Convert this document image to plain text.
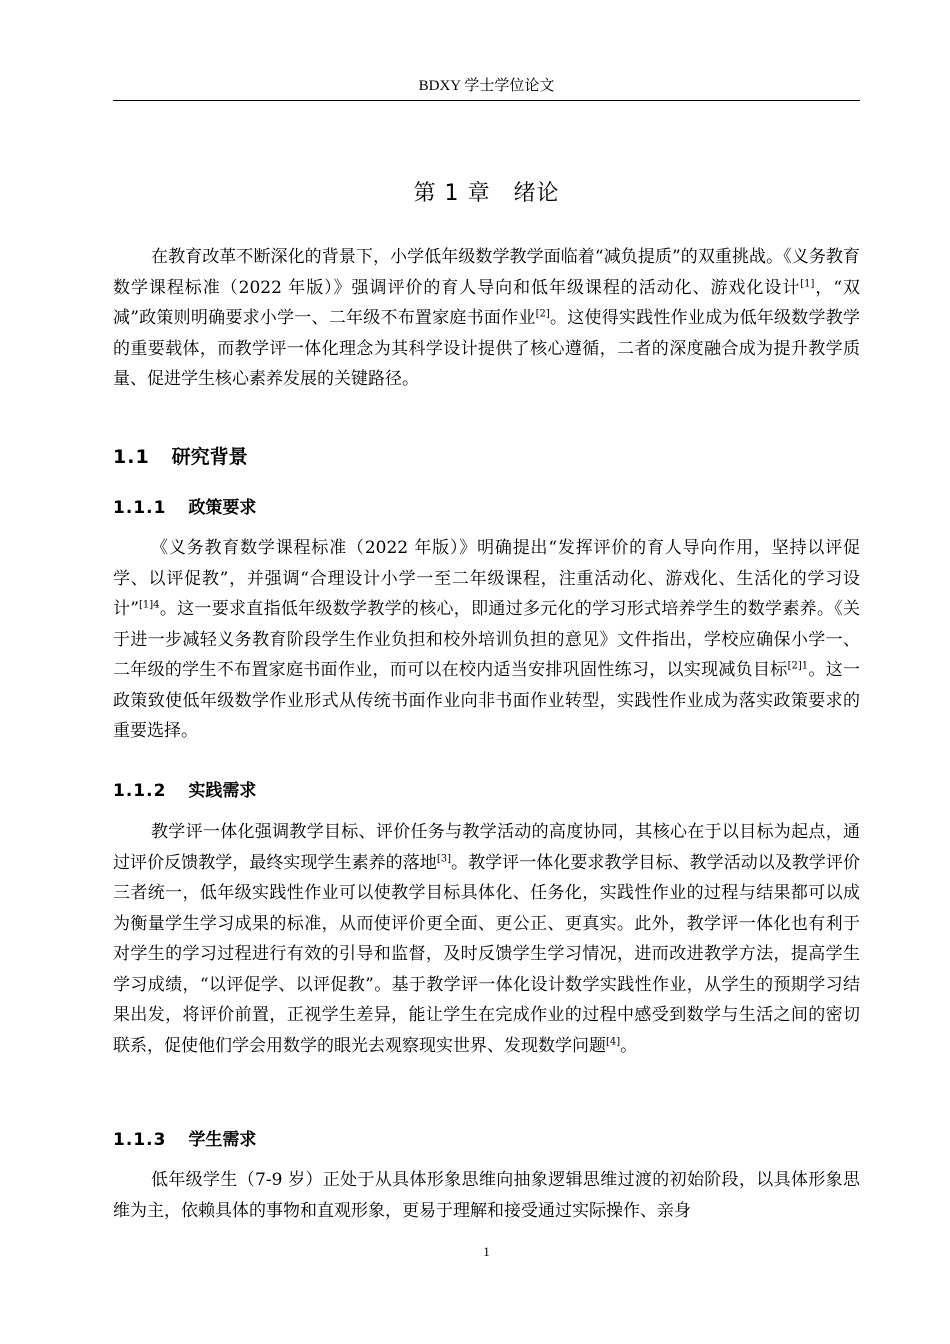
BDXY 学士学位论文
第 1 章　绪论

在教育改革不断深化的背景下，小学低年级数学教学面临着“减负提质”的双重挑战。《义务教育数学课程标准（2022 年版）》强调评价的育人导向和低年级课程的活动化、游戏化设计[1]，“双减”政策则明确要求小学一、二年级不布置家庭书面作业[2]。这使得实践性作业成为低年级数学教学的重要载体，而教学评一体化理念为其科学设计提供了核心遵循，二者的深度融合成为提升教学质量、促进学生核心素养发展的关键路径。

1.1 研究背景
1.1.1 政策要求

《义务教育数学课程标准（2022 年版）》明确提出“发挥评价的育人导向作用，坚持以评促学、以评促教”，并强调“合理设计小学一至二年级课程，注重活动化、游戏化、生活化的学习设计”$^{[1]4}$。这一要求直指低年级数学教学的核心，即通过多元化的学习形式培养学生的数学素养。《关于进一步减轻义务教育阶段学生作业负担和校外培训负担的意见》文件指出，学校应确保小学一、二年级的学生不布置家庭书面作业，而可以在校内适当安排巩固性练习，以实现减负目标$^{[2]1}$。这一政策致使低年级数学作业形式从传统书面作业向非书面作业转型，实践性作业成为落实政策要求的重要选择。

1.1.2 实践需求

教学评一体化强调教学目标、评价任务与教学活动的高度协同，其核心在于以目标为起点，通过评价反馈教学，最终实现学生素养的落地[3]。教学评一体化要求教学目标、教学活动以及教学评价三者统一，低年级实践性作业可以使教学目标具体化、任务化，实践性作业的过程与结果都可以成为衡量学生学习成果的标准，从而使评价更全面、更公正、更真实。此外，教学评一体化也有利于对学生的学习过程进行有效的引导和监督，及时反馈学生学习情况，进而改进教学方法，提高学生学习成绩，“以评促学、以评促教”。基于教学评一体化设计数学实践性作业，从学生的预期学习结果出发，将评价前置，正视学生差异，能让学生在完成作业的过程中感受到数学与生活之间的密切联系，促使他们学会用数学的眼光去观察现实世界、发现数学问题[4]。

1.1.3 学生需求

低年级学生（7-9 岁）正处于从具体形象思维向抽象逻辑思维过渡的初始阶段，以具体形象思维为主，依赖具体的事物和直观形象，更易于理解和接受通过实际操作、亲身

1
